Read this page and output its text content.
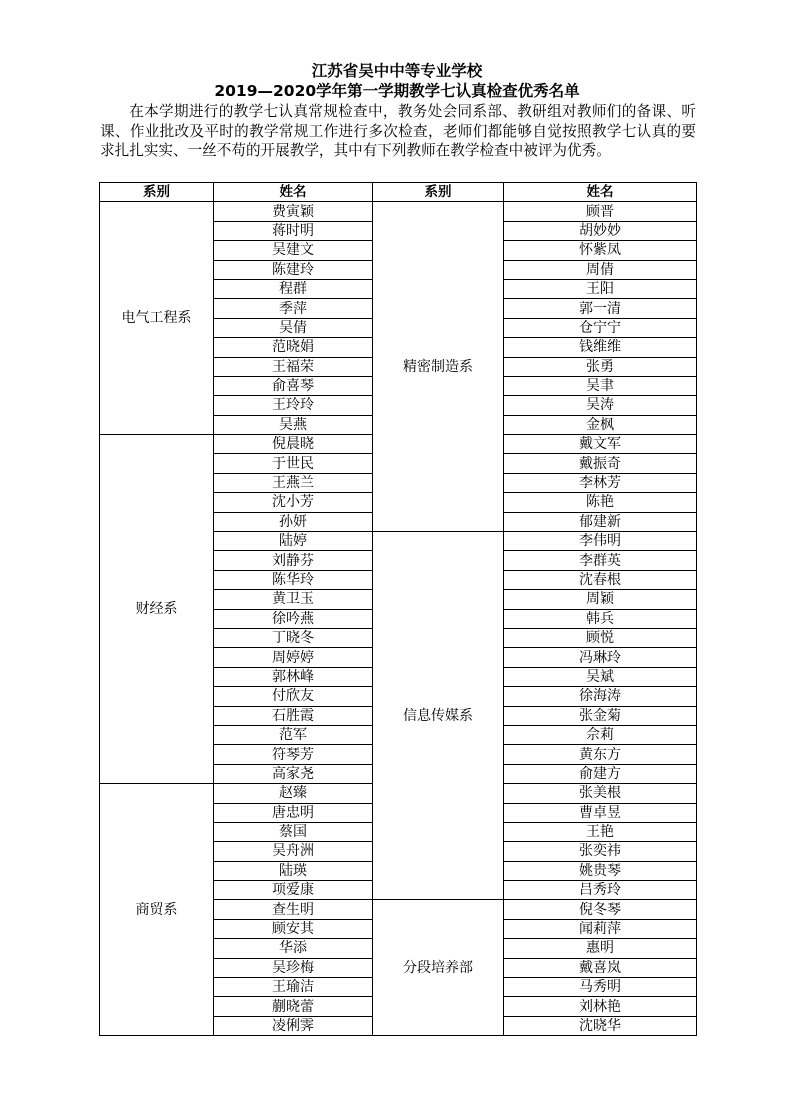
江苏省吴中中等专业学校
2019—2020学年第一学期教学七认真检查优秀名单

在本学期进行的教学七认真常规检查中，教务处会同系部、教研组对教师们的备课、听课、作业批改及平时的教学常规工作进行多次检查，老师们都能够自觉按照教学七认真的要求扎扎实实、一丝不苟的开展教学，其中有下列教师在教学检查中被评为优秀。

系别	姓名	系别	姓名
电气工程系	费寅颖	精密制造系	顾晋
	蒋时明		胡妙妙
	吴建文		怀紫凤
	陈建玲		周倩
	程群		王阳
	季萍		郭一清
	吴倩		仓宁宁
	范晓娟		钱维维
	王福荣		张勇
	俞喜琴		吴聿
	王玲玲		吴涛
	吴燕		金枫
财经系	倪晨晓		戴文军
	于世民		戴振奇
	王燕兰		李林芳
	沈小芳		陈艳
	孙妍		郁建新
	陆婷	信息传媒系	李伟明
	刘静芬		李群英
	陈华玲		沈春根
	黄卫玉		周颖
	徐吟燕		韩兵
	丁晓冬		顾悦
	周婷婷		冯琳玲
	郭林峰		吴斌
	付欣友		徐海涛
	石胜霞		张金菊
	范军		佘莉
	符琴芳		黄东方
	高家尧		俞建方
商贸系	赵臻		张美根
	唐忠明		曹卓昱
	蔡国		王艳
	吴舟洲		张奕祎
	陆瑛		姚贵琴
	项爱康		吕秀玲
	查生明	分段培养部	倪冬琴
	顾安其		闻莉萍
	华添		惠明
	吴珍梅		戴喜岚
	王瑜洁		马秀明
	蒯晓蕾		刘林艳
	凌俐霁		沈晓华
